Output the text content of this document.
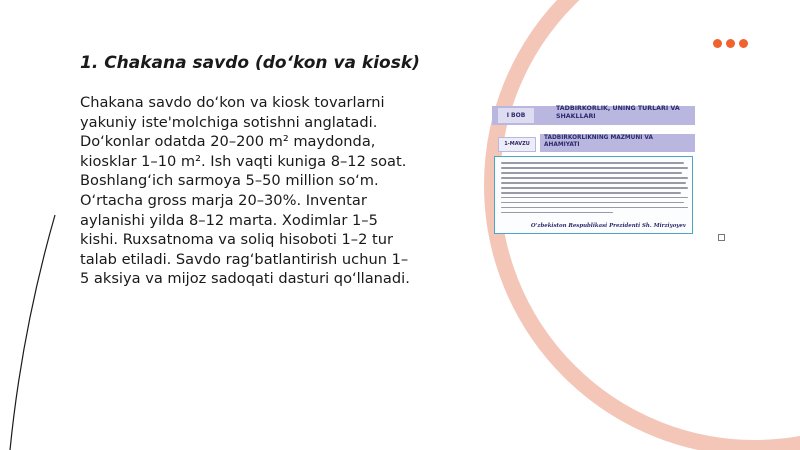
1. Chakana savdo (do‘kon va kiosk)

Chakana savdo do‘kon va kiosk tovarlarni
yakuniy iste'molchiga sotishni anglatadi.
Do‘konlar odatda 20–200 m² maydonda,
kiosklar 1–10 m². Ish vaqti kuniga 8–12 soat.
Boshlang‘ich sarmoya 5–50 million so‘m.
O‘rtacha gross marja 20–30%. Inventar
aylanishi yilda 8–12 marta. Xodimlar 1–5
kishi. Ruxsatnoma va soliq hisoboti 1–2 tur
talab etiladi. Savdo rag‘batlantirish uchun 1–
5 aksiya va mijoz sadoqati dasturi qo‘llanadi.

I BOB
TADBIRKORLIK, UNING TURLARI VA SHAKLLARI
1-MAVZU
TADBIRKORLIKNING MAZMUNI VA AHAMIYATI
O‘zbekiston Respublikasi Prezidenti Sh. Mirziyoyev
